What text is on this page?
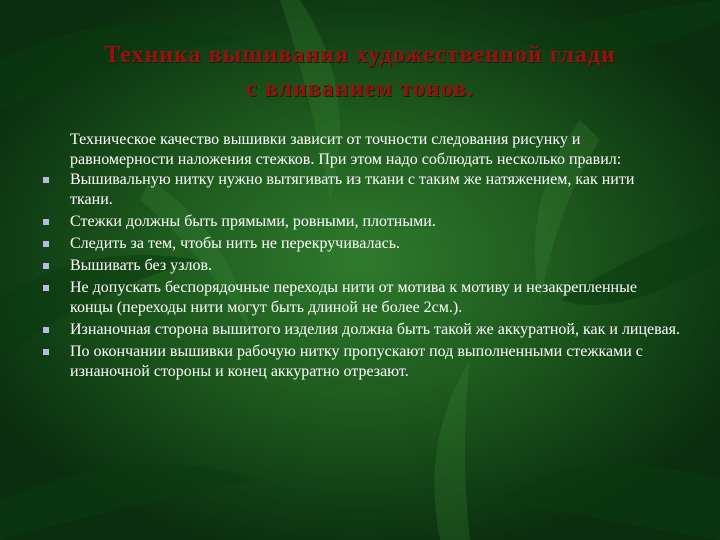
Техника вышивания художественной глади
с вливанием тонов.

Техническое качество вышивки зависит от точности следования рисунку и равномерности наложения стежков. При этом надо соблюдать несколько правил:

Вышивальную нитку нужно вытягивать из ткани с таким же натяжением, как нити ткани.
Стежки должны быть прямыми, ровными, плотными.
Следить за тем, чтобы нить не перекручивалась.
Вышивать без узлов.
Не допускать беспорядочные переходы нити от мотива к мотиву и незакрепленные концы (переходы нити могут быть длиной не более 2см.).
Изнаночная сторона вышитого изделия должна быть такой же аккуратной, как и лицевая.
По окончании вышивки рабочую нитку пропускают под выполненными стежками с изнаночной стороны и конец аккуратно отрезают.
